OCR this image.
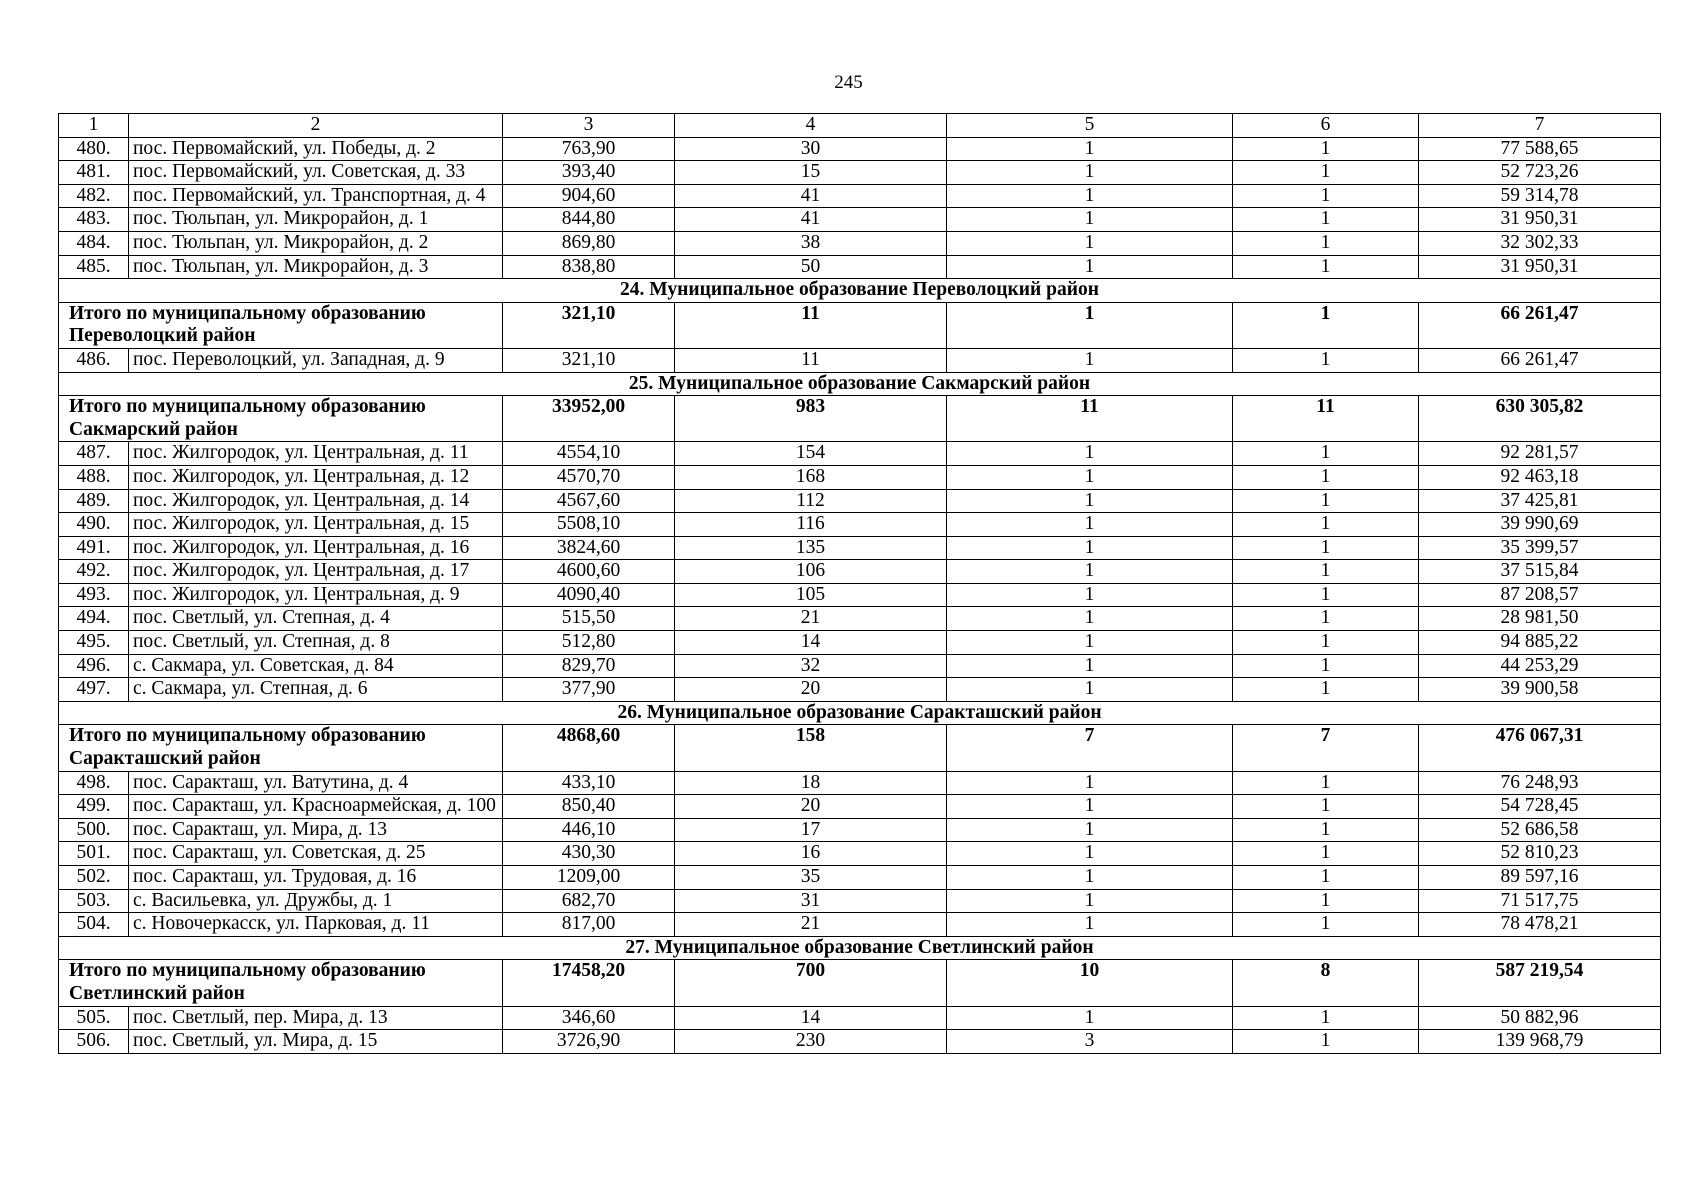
245
1	2	3	4	5	6	7
480.	пос. Первомайский, ул. Победы, д. 2	763,90	30	1	1	77 588,65
481.	пос. Первомайский, ул. Советская, д. 33	393,40	15	1	1	52 723,26
482.	пос. Первомайский, ул. Транспортная, д. 4	904,60	41	1	1	59 314,78
483.	пос. Тюльпан, ул. Микрорайон, д. 1	844,80	41	1	1	31 950,31
484.	пос. Тюльпан, ул. Микрорайон, д. 2	869,80	38	1	1	32 302,33
485.	пос. Тюльпан, ул. Микрорайон, д. 3	838,80	50	1	1	31 950,31
24. Муниципальное образование Переволоцкий район						
Итого по муниципальному образованию Переволоцкий район		321,10	11	1	1	66 261,47
486.	пос. Переволоцкий, ул. Западная, д. 9	321,10	11	1	1	66 261,47
25. Муниципальное образование Сакмарский район						
Итого по муниципальному образованию Сакмарский район		33952,00	983	11	11	630 305,82
487.	пос. Жилгородок, ул. Центральная, д. 11	4554,10	154	1	1	92 281,57
488.	пос. Жилгородок, ул. Центральная, д. 12	4570,70	168	1	1	92 463,18
489.	пос. Жилгородок, ул. Центральная, д. 14	4567,60	112	1	1	37 425,81
490.	пос. Жилгородок, ул. Центральная, д. 15	5508,10	116	1	1	39 990,69
491.	пос. Жилгородок, ул. Центральная, д. 16	3824,60	135	1	1	35 399,57
492.	пос. Жилгородок, ул. Центральная, д. 17	4600,60	106	1	1	37 515,84
493.	пос. Жилгородок, ул. Центральная, д. 9	4090,40	105	1	1	87 208,57
494.	пос. Светлый, ул. Степная, д. 4	515,50	21	1	1	28 981,50
495.	пос. Светлый, ул. Степная, д. 8	512,80	14	1	1	94 885,22
496.	с. Сакмара, ул. Советская, д. 84	829,70	32	1	1	44 253,29
497.	с. Сакмара, ул. Степная, д. 6	377,90	20	1	1	39 900,58
26. Муниципальное образование Саракташский район						
Итого по муниципальному образованию Саракташский район		4868,60	158	7	7	476 067,31
498.	пос. Саракташ, ул. Ватутина, д. 4	433,10	18	1	1	76 248,93
499.	пос. Саракташ, ул. Красноармейская, д. 100	850,40	20	1	1	54 728,45
500.	пос. Саракташ, ул. Мира, д. 13	446,10	17	1	1	52 686,58
501.	пос. Саракташ, ул. Советская, д. 25	430,30	16	1	1	52 810,23
502.	пос. Саракташ, ул. Трудовая, д. 16	1209,00	35	1	1	89 597,16
503.	с. Васильевка, ул. Дружбы, д. 1	682,70	31	1	1	71 517,75
504.	с. Новочеркасск, ул. Парковая, д. 11	817,00	21	1	1	78 478,21
27. Муниципальное образование Светлинский район						
Итого по муниципальному образованию Светлинский район		17458,20	700	10	8	587 219,54
505.	пос. Светлый, пер. Мира, д. 13	346,60	14	1	1	50 882,96
506.	пос. Светлый, ул. Мира, д. 15	3726,90	230	3	1	139 968,79
